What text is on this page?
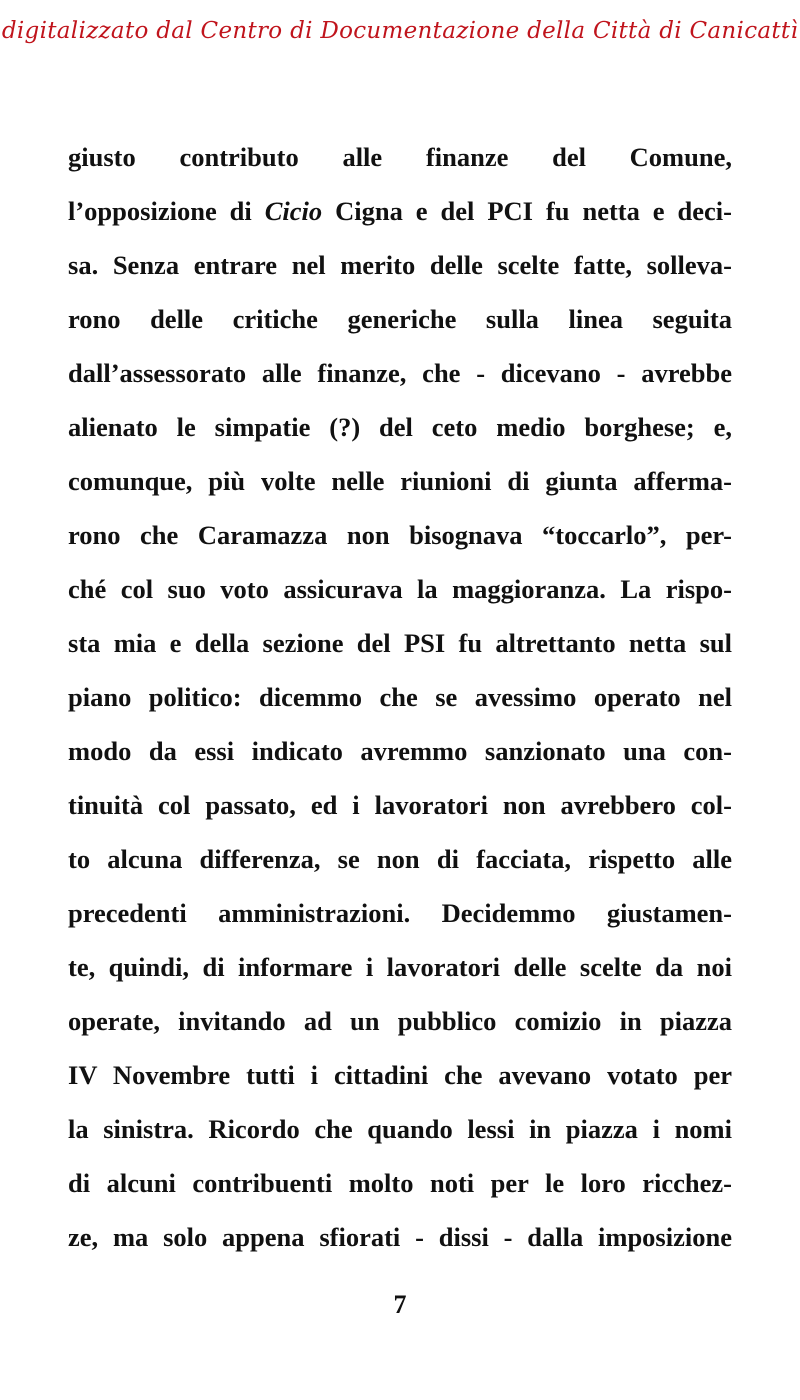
digitalizzato dal Centro di Documentazione della Città di Canicattì
giusto contributo alle finanze del Comune,
l’opposizione di Cicio Cigna e del PCI fu netta e deci-
sa. Senza entrare nel merito delle scelte fatte, solleva-
rono delle critiche generiche sulla linea seguita
dall’assessorato alle finanze, che - dicevano - avrebbe
alienato le simpatie (?) del ceto medio borghese; e,
comunque, più volte nelle riunioni di giunta afferma-
rono che Caramazza non bisognava “toccarlo”, per-
ché col suo voto assicurava la maggioranza. La rispo-
sta mia e della sezione del PSI fu altrettanto netta sul
piano politico: dicemmo che se avessimo operato nel
modo da essi indicato avremmo sanzionato una con-
tinuità col passato, ed i lavoratori non avrebbero col-
to alcuna differenza, se non di facciata, rispetto alle
precedenti amministrazioni. Decidemmo giustamen-
te, quindi, di informare i lavoratori delle scelte da noi
operate, invitando ad un pubblico comizio in piazza
IV Novembre tutti i cittadini che avevano votato per
la sinistra. Ricordo che quando lessi in piazza i nomi
di alcuni contribuenti molto noti per le loro ricchez-
ze, ma solo appena sfiorati - dissi - dalla imposizione
7
